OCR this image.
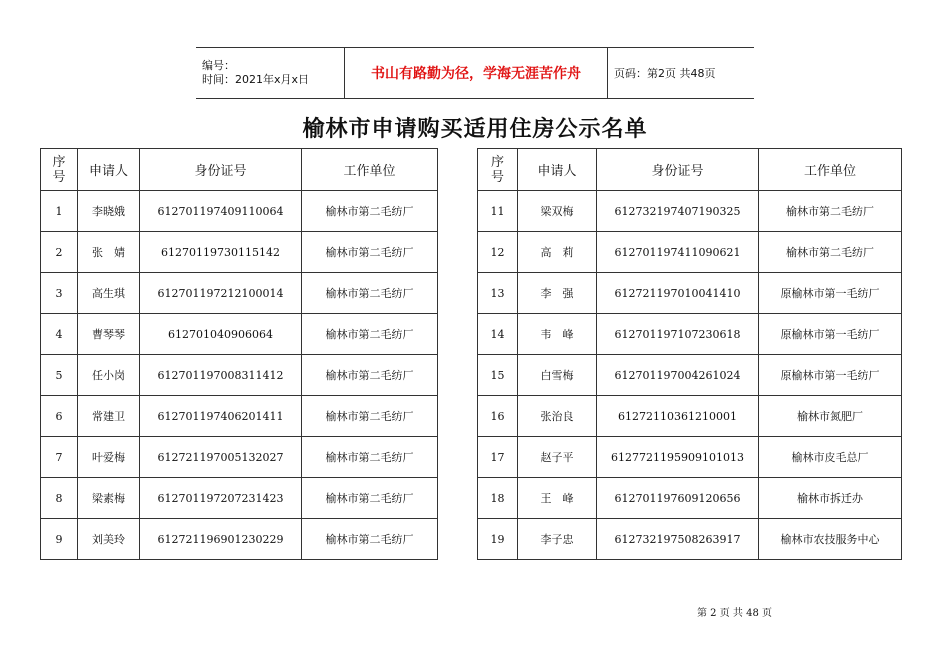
编号：
时间：2021年x月x日	书山有路勤为径，学海无涯苦作舟	页码：第2页 共48页
榆林市申请购买适用住房公示名单
序号	申请人	身份证号	工作单位
1	李晓娥	612701197409110064	榆林市第二毛纺厂
2	张　婧	61270119730115142	榆林市第二毛纺厂
3	高生琪	612701197212100014	榆林市第二毛纺厂
4	曹琴琴	612701040906064	榆林市第二毛纺厂
5	任小岗	612701197008311412	榆林市第二毛纺厂
6	常建卫	612701197406201411	榆林市第二毛纺厂
7	叶爱梅	612721197005132027	榆林市第二毛纺厂
8	梁素梅	612701197207231423	榆林市第二毛纺厂
9	刘美玲	612721196901230229	榆林市第二毛纺厂
序号	申请人	身份证号	工作单位
11	梁双梅	612732197407190325	榆林市第二毛纺厂
12	高　莉	612701197411090621	榆林市第二毛纺厂
13	李　强	612721197010041410	原榆林市第一毛纺厂
14	韦　峰	612701197107230618	原榆林市第一毛纺厂
15	白雪梅	612701197004261024	原榆林市第一毛纺厂
16	张治良	61272110361210001	榆林市氮肥厂
17	赵子平	6127721195909101013	榆林市皮毛总厂
18	王　峰	612701197609120656	榆林市拆迁办
19	李子忠	612732197508263917	榆林市农技服务中心
第 2 页 共 48 页
